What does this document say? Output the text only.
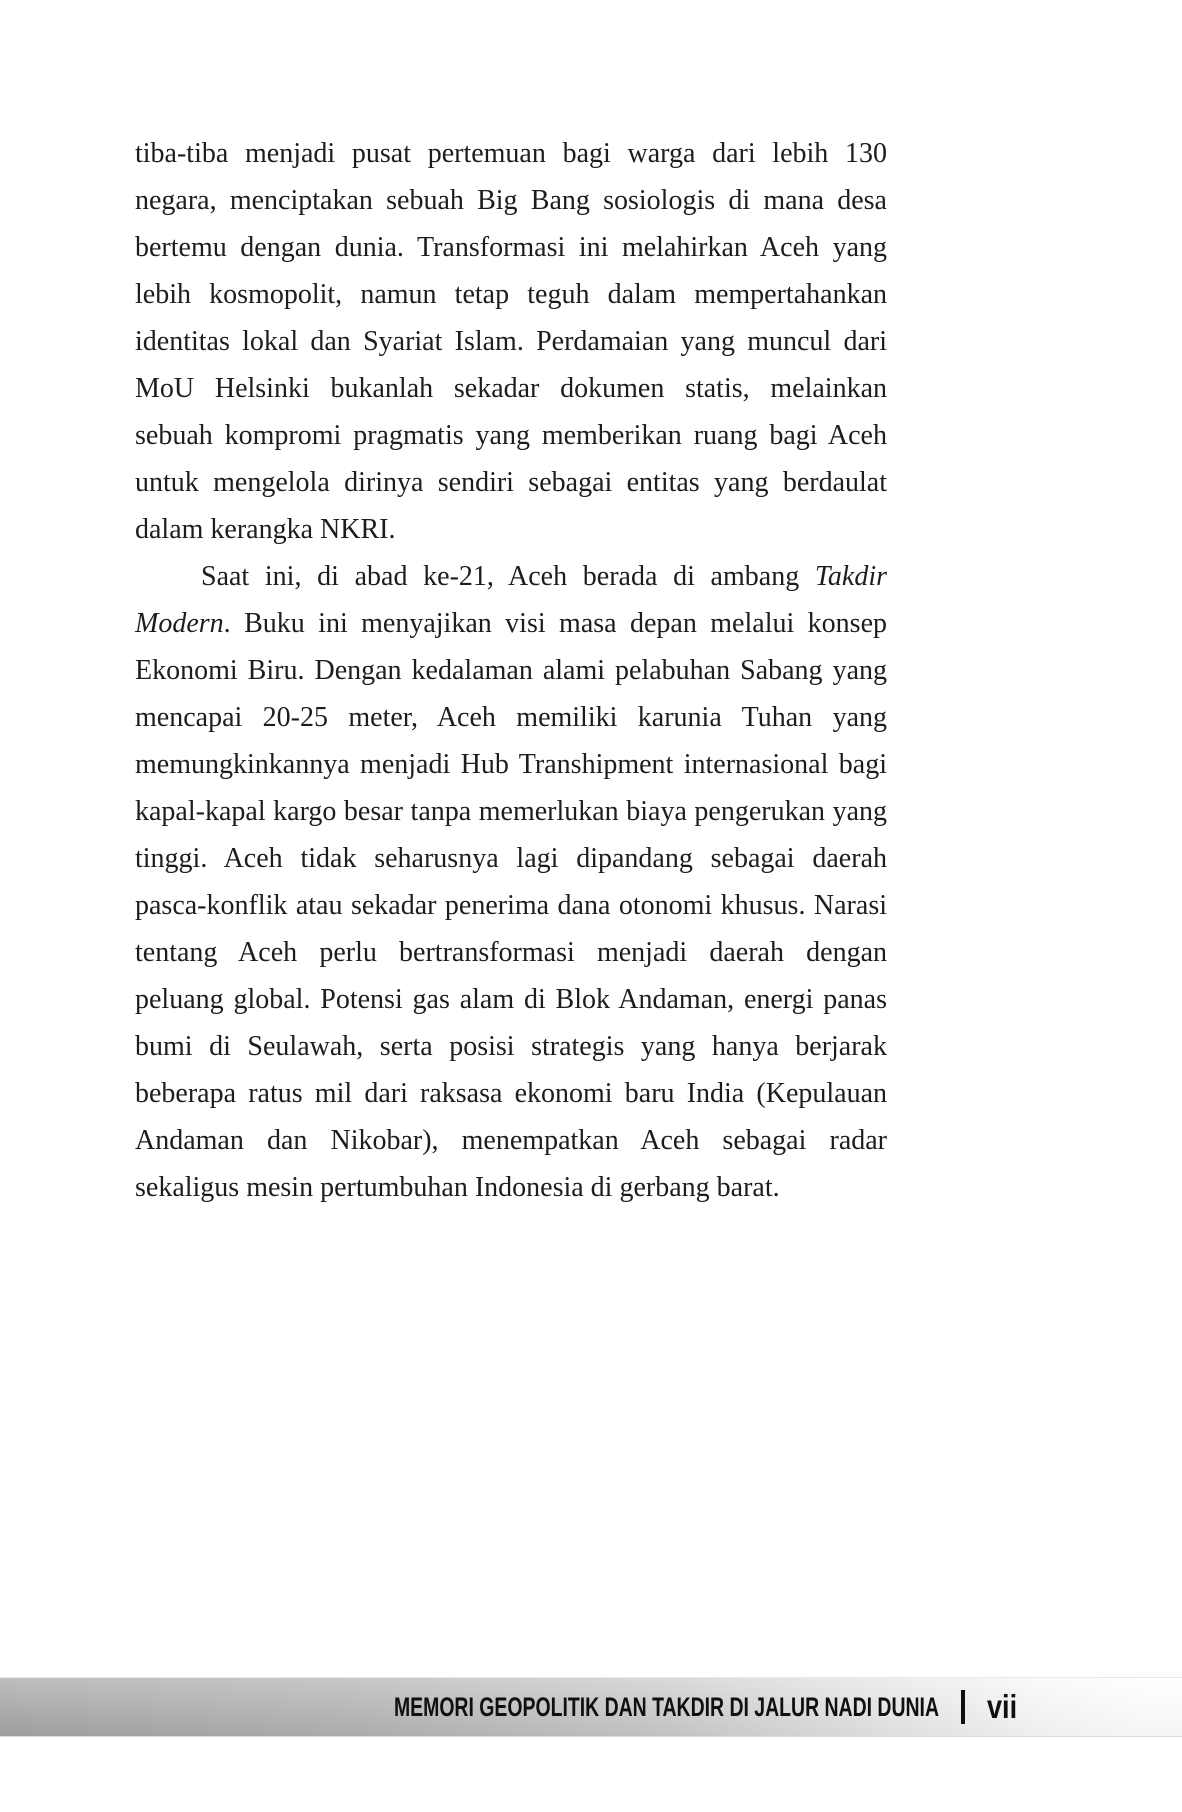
tiba-tiba menjadi pusat pertemuan bagi warga dari lebih 130 negara, menciptakan sebuah Big Bang sosiologis di mana desa bertemu dengan dunia. Transformasi ini melahirkan Aceh yang lebih kosmopolit, namun tetap teguh dalam mempertahankan identitas lokal dan Syariat Islam. Perdamaian yang muncul dari MoU Helsinki bukanlah sekadar dokumen statis, melainkan sebuah kompromi pragmatis yang memberikan ruang bagi Aceh untuk mengelola dirinya sendiri sebagai entitas yang berdaulat dalam kerangka NKRI.

Saat ini, di abad ke-21, Aceh berada di ambang Takdir Modern. Buku ini menyajikan visi masa depan melalui konsep Ekonomi Biru. Dengan kedalaman alami pelabuhan Sabang yang mencapai 20-25 meter, Aceh memiliki karunia Tuhan yang memungkinkannya menjadi Hub Transhipment internasional bagi kapal-kapal kargo besar tanpa memerlukan biaya pengerukan yang tinggi. Aceh tidak seharusnya lagi dipandang sebagai daerah pasca-konflik atau sekadar penerima dana otonomi khusus. Narasi tentang Aceh perlu bertransformasi menjadi daerah dengan peluang global. Potensi gas alam di Blok Andaman, energi panas bumi di Seulawah, serta posisi strategis yang hanya berjarak beberapa ratus mil dari raksasa ekonomi baru India (Kepulauan Andaman dan Nikobar), menempatkan Aceh sebagai radar sekaligus mesin pertumbuhan Indonesia di gerbang barat.

MEMORI GEOPOLITIK DAN TAKDIR DI JALUR NADI DUNIA vii
